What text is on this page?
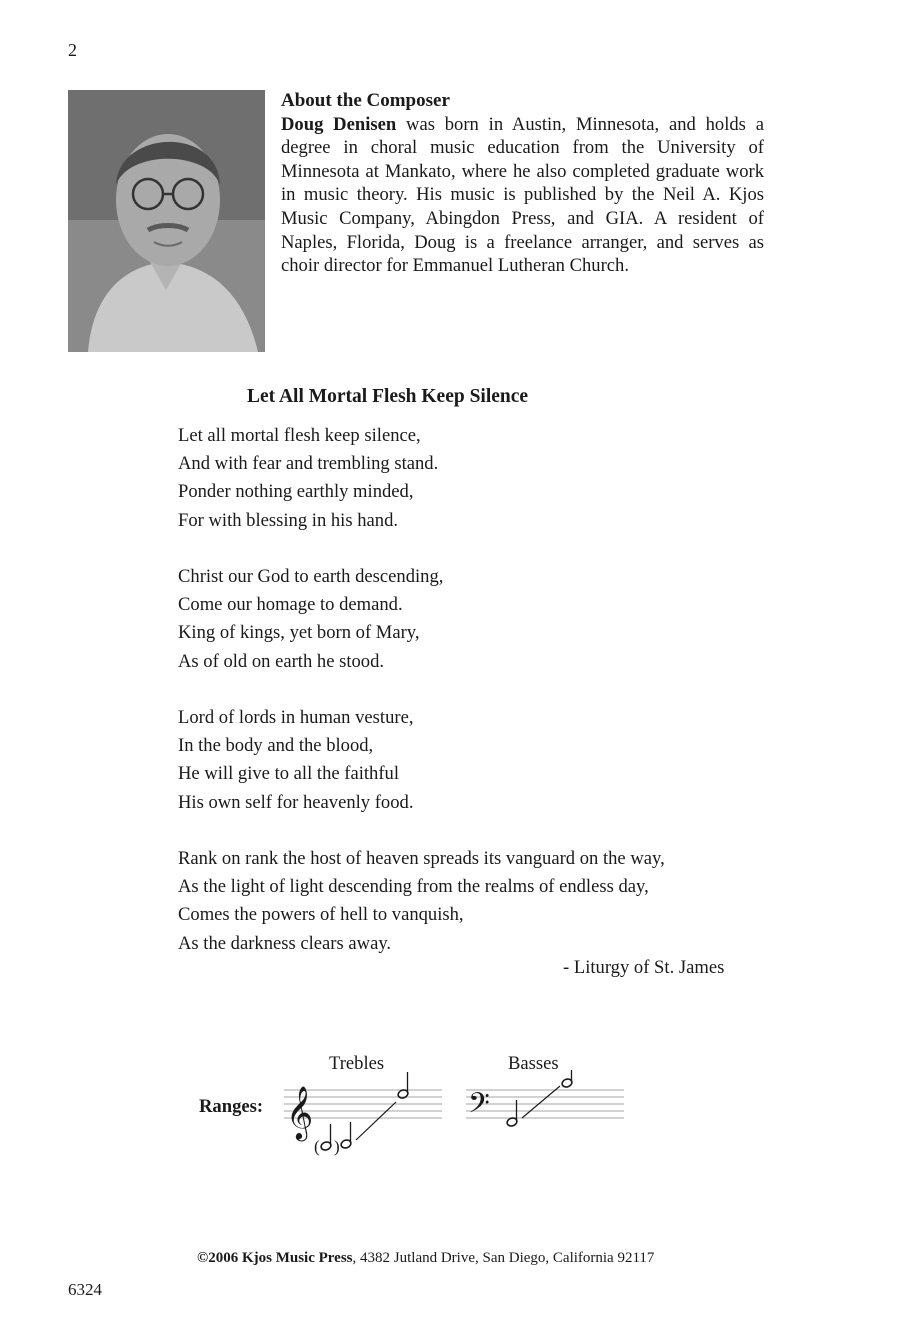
2
About the Composer
Doug Denisen was born in Austin, Minnesota, and holds a degree in choral music education from the University of Minnesota at Mankato, where he also completed graduate work in music theory. His music is published by the Neil A. Kjos Music Company, Abingdon Press, and GIA. A resident of Naples, Florida, Doug is a freelance arranger, and serves as choir director for Emmanuel Lutheran Church.
Let All Mortal Flesh Keep Silence
Let all mortal flesh keep silence,
And with fear and trembling stand.
Ponder nothing earthly minded,
For with blessing in his hand.
Christ our God to earth descending,
Come our homage to demand.
King of kings, yet born of Mary,
As of old on earth he stood.
Lord of lords in human vesture,
In the body and the blood,
He will give to all the faithful
His own self for heavenly food.
Rank on rank the host of heaven spreads its vanguard on the way,
As the light of light descending from the realms of endless day,
Comes the powers of hell to vanquish,
As the darkness clears away.
- Liturgy of St. James
Trebles	Basses
Ranges: 𝄞
( )
𝄢
©2006 Kjos Music Press, 4382 Jutland Drive, San Diego, California 92117
6324
